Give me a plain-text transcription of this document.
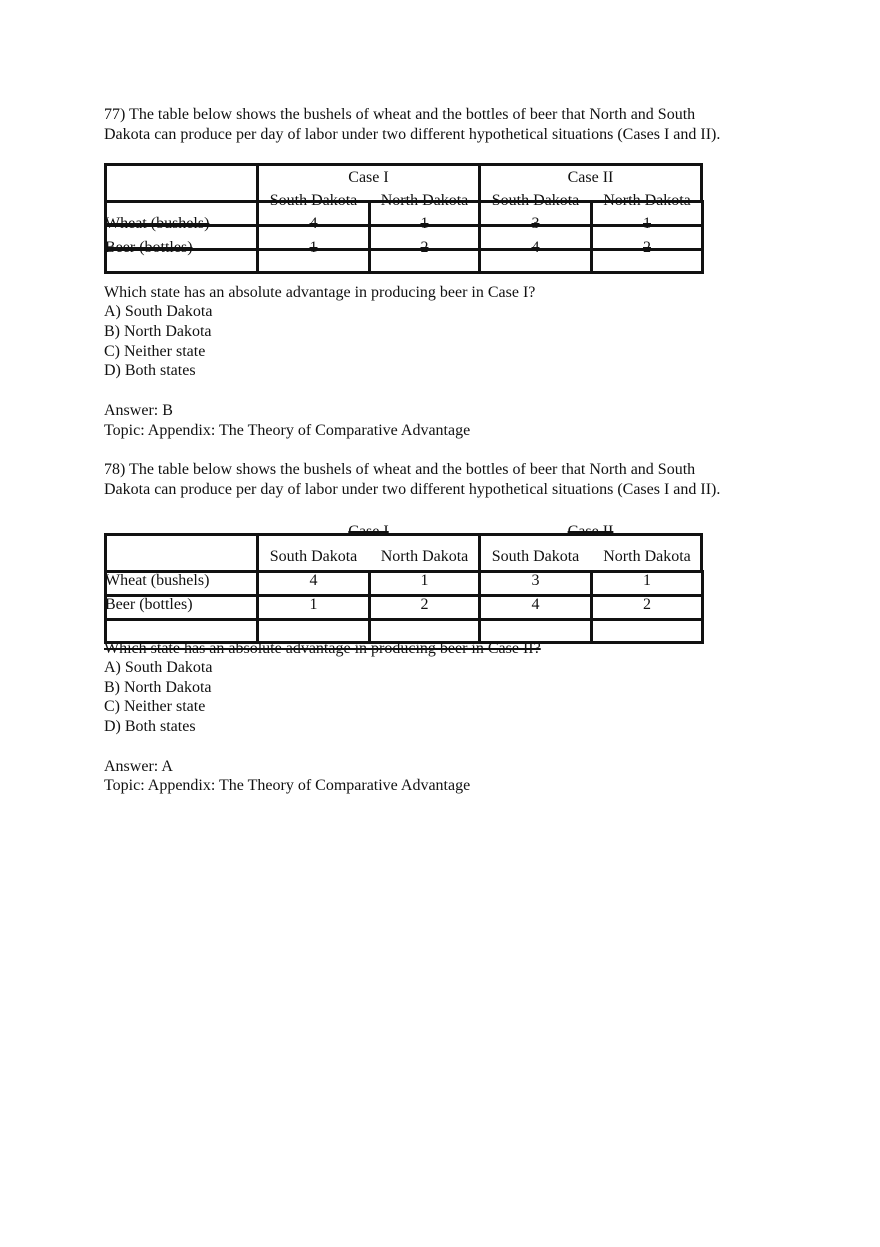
77) The table below shows the bushels of wheat and the bottles of beer that North and South
Dakota can produce per day of labor under two different hypothetical situations (Cases I and II).
Case I	Case II
South Dakota	North Dakota	South Dakota	North Dakota
Wheat (bushels)	4	1	3	1
Beer (bottles)	1	2	4	2
Which state has an absolute advantage in producing beer in Case I?
A) South Dakota
B) North Dakota
C) Neither state
D) Both states
Answer: B
Topic: Appendix: The Theory of Comparative Advantage
78) The table below shows the bushels of wheat and the bottles of beer that North and South
Dakota can produce per day of labor under two different hypothetical situations (Cases I and II).
Case I	Case II
South Dakota	North Dakota	South Dakota	North Dakota
Wheat (bushels)	4	1	3	1
Beer (bottles)	1	2	4	2
Which state has an absolute advantage in producing beer in Case II?
A) South Dakota
B) North Dakota
C) Neither state
D) Both states
Answer: A
Topic: Appendix: The Theory of Comparative Advantage
